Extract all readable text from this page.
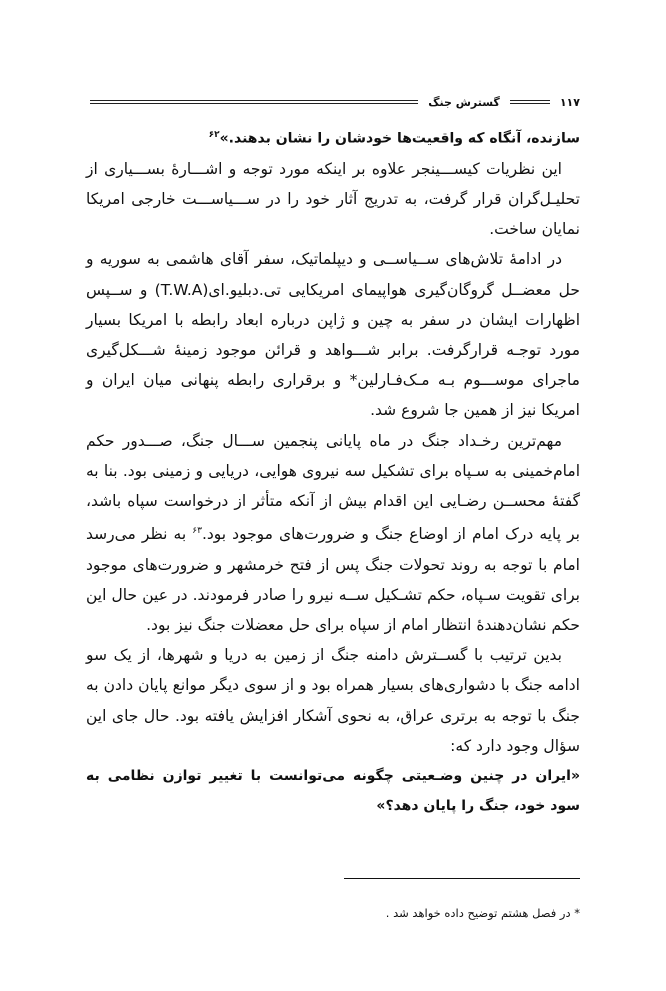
۱۱۷
گسترش جنگ

سازنده، آنگاه که واقعیت‌ها خودشان را نشان بدهند.»$^{۶۲}$

این نظریات کیســـینجر علاوه بر اینکه مورد توجه و اشـــارۀ بســـیاری از تحلیـل‌گران قرار گرفت، به تدریج آثار خود را در ســـیاســـت خارجی امریکا نمایان ساخت.

در ادامۀ تلاش‌های ســیاســی و دیپلماتیک، سفر آقای هاشمی به سوریه و حل معضــل گروگان‌گیری هواپیمای امریکایی تی.دبلیو.ای(T.W.A) و ســپس اظهارات ایشان در سفر به چین و ژاپن درباره ابعاد رابطه با امریکا بسیار مورد توجـه قرارگرفت. برابر شـــواهد و قرائن موجود زمینۀ شـــکل‌گیری ماجرای موســـوم بـه مـک‌فـارلین* و برقراری رابطه پنهانی میان ایران و امریکا نیز از همین جا شروع شد.

مهم‌ترین رخـداد جنگ در ماه پایانی پنجمین ســـال جنگ، صـــدور حکم امام‌خمینی به سـپاه برای تشکیل سه نیروی هوایی، دریایی و زمینی بود. بنا به گفتۀ محســن رضـایی این اقدام بیش از آنکه متأثر از درخواست سپاه باشد، بر پایه درک امام از اوضاع جنگ و ضرورت‌های موجود بود.$^{۶۳}$ به نظر می‌رسد امام با توجه به روند تحولات جنگ پس از فتح خرمشهر و ضرورت‌های موجود برای تقویت سـپاه، حکم تشـکیل ســه نیرو را صادر فرمودند. در عین حال این حکم نشان‌دهندۀ انتظار امام از سپاه برای حل معضلات جنگ نیز بود.

بدین ترتیب با گســترش دامنه جنگ از زمین به دریا و شهرها، از یک سو ادامه جنگ با دشواری‌های بسیار همراه بود و از سوی دیگر موانع پایان دادن به جنگ با توجه به برتری عراق، به نحوی آشکار افزایش یافته بود. حال جای این سؤال وجود دارد که:

«ایران در چنین وضـعیتی چگونه می‌توانست با تغییر توازن نظامی به سود خود، جنگ را پایان دهد؟»

* در فصل هشتم توضیح داده خواهد شد .
